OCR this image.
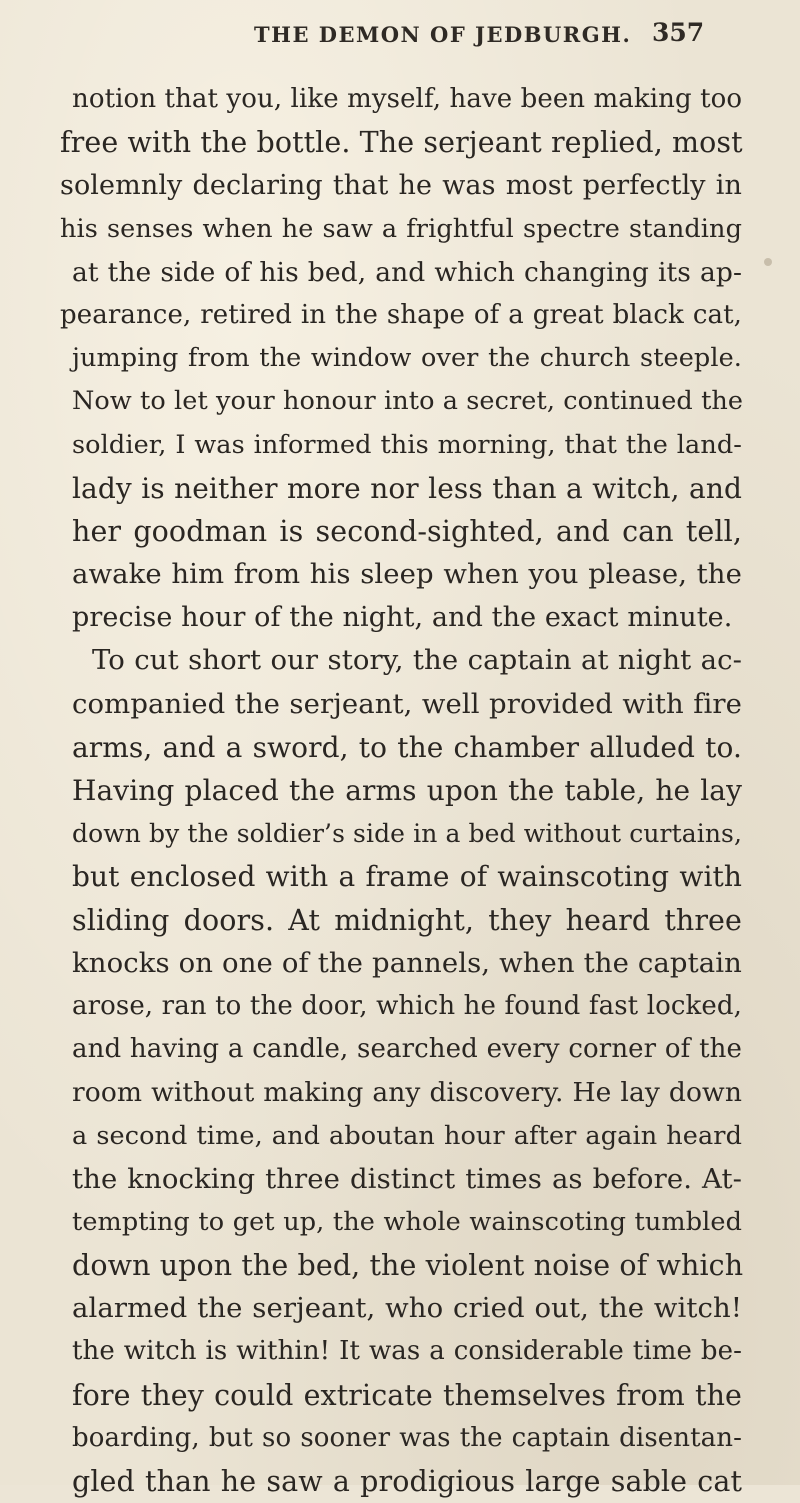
THE DEMON OF JEDBURGH. 357
notion that you, like myself, have been making too
free with the bottle. The serjeant replied, most
solemnly declaring that he was most perfectly in
his senses when he saw a frightful spectre standing
at the side of his bed, and which changing its ap-
pearance, retired in the shape of a great black cat,
jumping from the window over the church steeple.
Now to let your honour into a secret, continued the
soldier, I was informed this morning, that the land-
lady is neither more nor less than a witch, and
her goodman is second-sighted, and can tell,
awake him from his sleep when you please, the
precise hour of the night, and the exact minute.
To cut short our story, the captain at night ac-
companied the serjeant, well provided with fire
arms, and a sword, to the chamber alluded to.
Having placed the arms upon the table, he lay
down by the soldier’s side in a bed without curtains,
but enclosed with a frame of wainscoting with
sliding doors. At midnight, they heard three
knocks on one of the pannels, when the captain
arose, ran to the door, which he found fast locked,
and having a candle, searched every corner of the
room without making any discovery. He lay down
a second time, and aboutan hour after again heard
the knocking three distinct times as before. At-
tempting to get up, the whole wainscoting tumbled
down upon the bed, the violent noise of which
alarmed the serjeant, who cried out, the witch!
the witch is within! It was a considerable time be-
fore they could extricate themselves from the
boarding, but so sooner was the captain disentan-
gled than he saw a prodigious large sable cat
